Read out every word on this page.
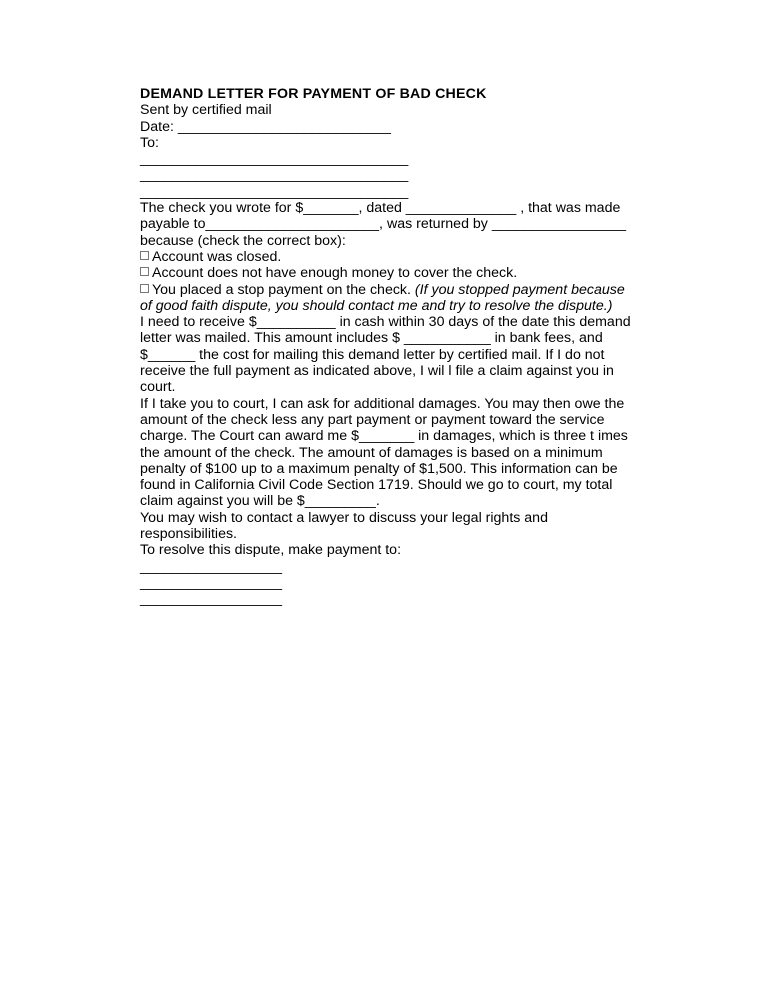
DEMAND LETTER FOR PAYMENT OF BAD CHECK
Sent by certified mail
Date: ___________________________
To:
__________________________________
__________________________________
__________________________________
The check you wrote for $_______, dated ______________ , that was made
payable to______________________, was returned by _________________
because (check the correct box):
Account was closed.
Account does not have enough money to cover the check.
You placed a stop payment on the check. (If you stopped payment because
of good faith dispute, you should contact me and try to resolve the dispute.)
I need to receive $__________ in cash within 30 days of the date this demand
letter was mailed. This amount includes $ ___________ in bank fees, and
$______ the cost for mailing this demand letter by certified mail. If I do not
receive the full payment as indicated above, I wil l file a claim against you in
court.
If I take you to court, I can ask for additional damages. You may then owe the
amount of the check less any part payment or payment toward the service
charge. The Court can award me $_______ in damages, which is three t imes
the amount of the check. The amount of damages is based on a minimum
penalty of $100 up to a maximum penalty of $1,500. This information can be
found in California Civil Code Section 1719. Should we go to court, my total
claim against you will be $_________.
You may wish to contact a lawyer to discuss your legal rights and
responsibilities.
To resolve this dispute, make payment to:
__________________
__________________
__________________
